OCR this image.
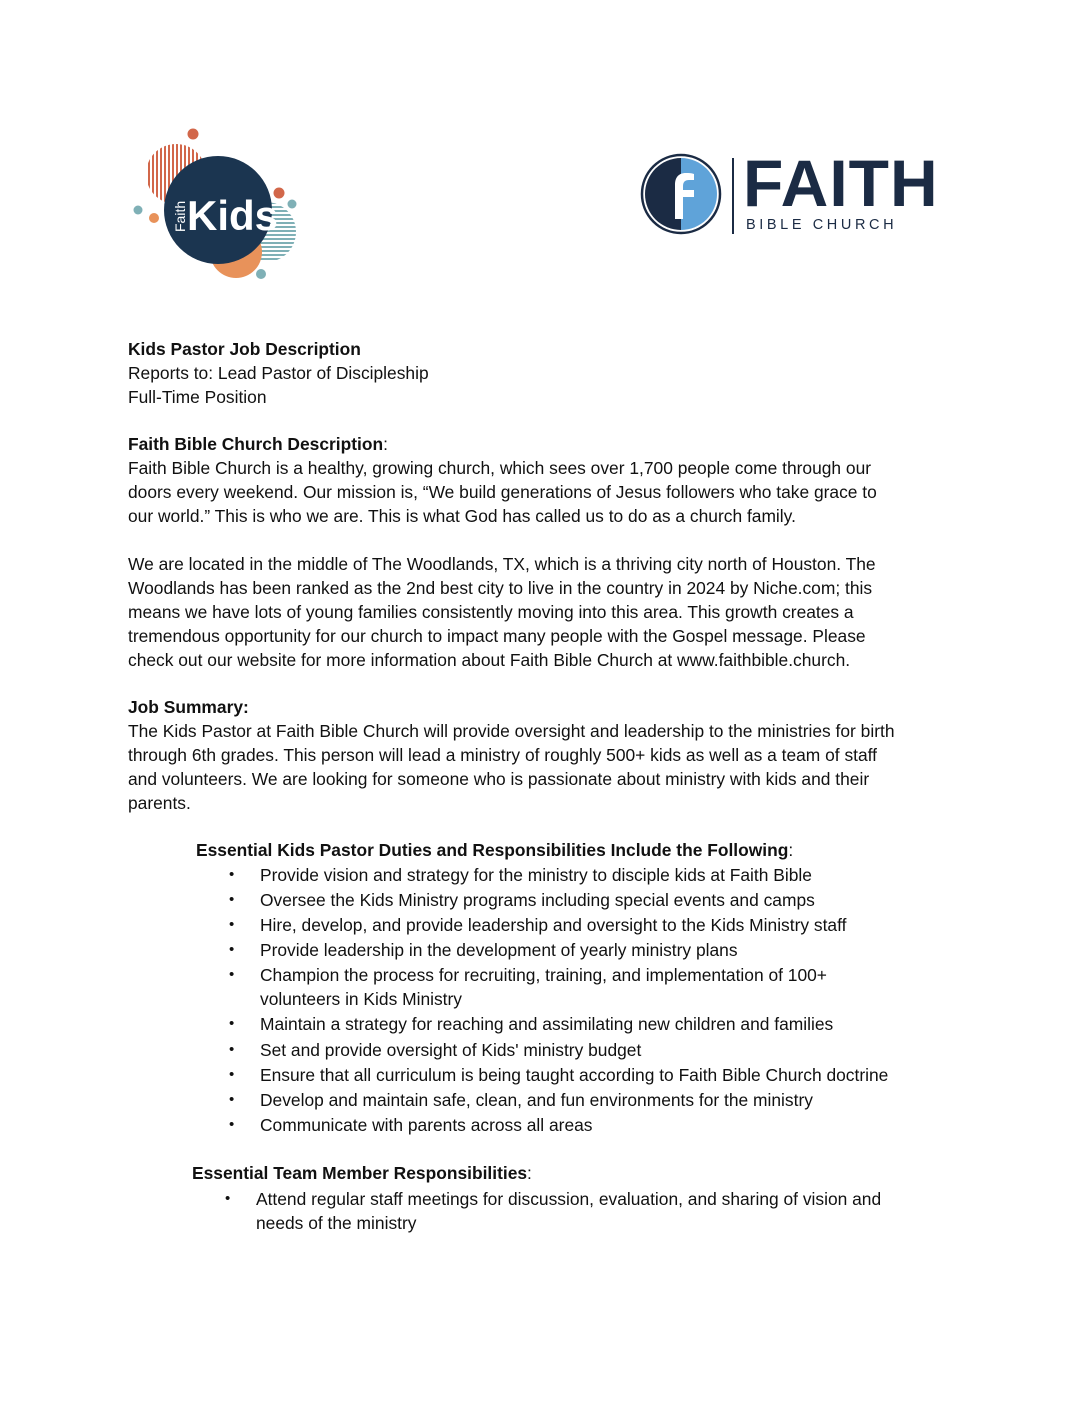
Faith Kids	FAITH
BIBLE CHURCH
Kids Pastor Job Description
Reports to: Lead Pastor of Discipleship
Full-Time Position
Faith Bible Church Description:
Faith Bible Church is a healthy, growing church, which sees over 1,700 people come through our
doors every weekend. Our mission is, “We build generations of Jesus followers who take grace to
our world.” This is who we are. This is what God has called us to do as a church family.
We are located in the middle of The Woodlands, TX, which is a thriving city north of Houston. The
Woodlands has been ranked as the 2nd best city to live in the country in 2024 by Niche.com; this
means we have lots of young families consistently moving into this area. This growth creates a
tremendous opportunity for our church to impact many people with the Gospel message. Please
check out our website for more information about Faith Bible Church at www.faithbible.church.
Job Summary:
The Kids Pastor at Faith Bible Church will provide oversight and leadership to the ministries for birth
through 6th grades. This person will lead a ministry of roughly 500+ kids as well as a team of staff
and volunteers. We are looking for someone who is passionate about ministry with kids and their
parents.
Essential Kids Pastor Duties and Responsibilities Include the Following:
• Provide vision and strategy for the ministry to disciple kids at Faith Bible
• Oversee the Kids Ministry programs including special events and camps
• Hire, develop, and provide leadership and oversight to the Kids Ministry staff
• Provide leadership in the development of yearly ministry plans
• Champion the process for recruiting, training, and implementation of 100+
volunteers in Kids Ministry
• Maintain a strategy for reaching and assimilating new children and families
• Set and provide oversight of Kids' ministry budget
• Ensure that all curriculum is being taught according to Faith Bible Church doctrine
• Develop and maintain safe, clean, and fun environments for the ministry
• Communicate with parents across all areas
Essential Team Member Responsibilities:
• Attend regular staff meetings for discussion, evaluation, and sharing of vision and
needs of the ministry
